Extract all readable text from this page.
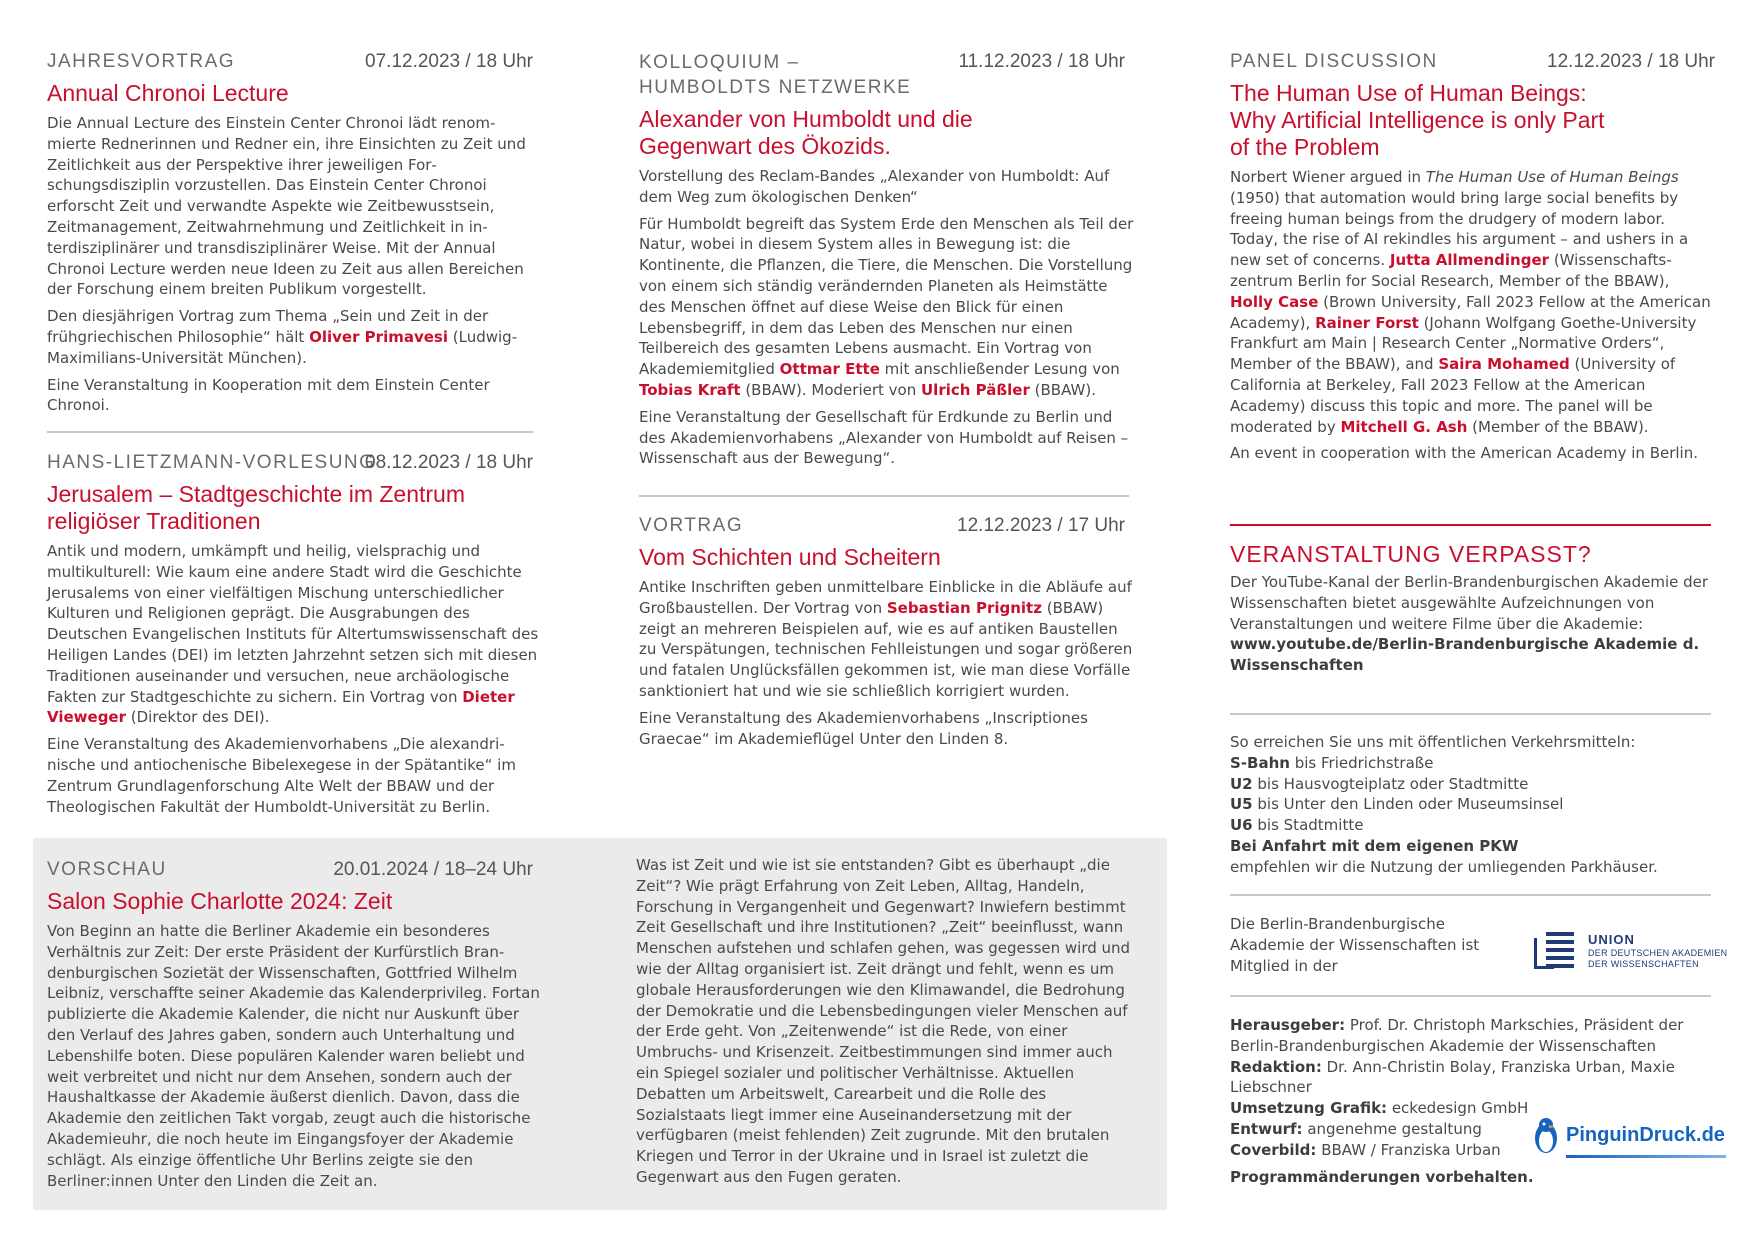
JAHRESVORTRAG	07.12.2023 / 18 Uhr
Annual Chronoi Lecture

Die Annual Lecture des Einstein Center Chronoi lädt renommierte Rednerinnen und Redner ein, ihre Einsichten zu Zeit und Zeitlichkeit aus der Perspektive ihrer jeweiligen Forschungsdisziplin vorzustellen. Das Einstein Center Chronoi erforscht Zeit und verwandte Aspekte wie Zeitbewusstsein, Zeitmanagement, Zeitwahrnehmung und Zeitlichkeit in interdisziplinärer und transdisziplinärer Weise. Mit der Annual Chronoi Lecture werden neue Ideen zu Zeit aus allen Bereichen der Forschung einem breiten Publikum vorgestellt.

Den diesjährigen Vortrag zum Thema „Sein und Zeit in der frühgriechischen Philosophie“ hält Oliver Primavesi (Ludwig-Maximilians-Universität München).

Eine Veranstaltung in Kooperation mit dem Einstein Center Chronoi.

HANS-LIETZMANN-VORLESUNG
08.12.2023 / 18 Uhr
Jerusalem – Stadtgeschichte im Zentrum religiöser Traditionen

Antik und modern, umkämpft und heilig, vielsprachig und multikulturell: Wie kaum eine andere Stadt wird die Geschichte Jerusalems von einer vielfältigen Mischung unterschiedlicher Kulturen und Religionen geprägt. Die Ausgrabungen des Deutschen Evangelischen Instituts für Altertumswissenschaft des Heiligen Landes (DEI) im letzten Jahrzehnt setzen sich mit diesen Traditionen auseinander und versuchen, neue archäologische Fakten zur Stadtgeschichte zu sichern. Ein Vortrag von Dieter Vieweger (Direktor des DEI).

Eine Veranstaltung des Akademienvorhabens „Die alexandrinische und antiochenische Bibelexegese in der Spätantike“ im Zentrum Grundlagenforschung Alte Welt der BBAW und der Theologischen Fakultät der Humboldt-Universität zu Berlin.

KOLLOQUIUM –
HUMBOLDTS NETZWERKE
11.12.2023 / 18 Uhr
Alexander von Humboldt und die Gegenwart des Ökozids.

Vorstellung des Reclam-Bandes „Alexander von Humboldt: Auf dem Weg zum ökologischen Denken“

Für Humboldt begreift das System Erde den Menschen als Teil der Natur, wobei in diesem System alles in Bewegung ist: die Kontinente, die Pflanzen, die Tiere, die Menschen. Die Vorstellung von einem sich ständig verändernden Planeten als Heimstätte des Menschen öffnet auf diese Weise den Blick für einen Lebensbegriff, in dem das Leben des Menschen nur einen Teilbereich des gesamten Lebens ausmacht. Ein Vortrag von Akademiemitglied Ottmar Ette mit anschließender Lesung von Tobias Kraft (BBAW). Moderiert von Ulrich Päßler (BBAW).

Eine Veranstaltung der Gesellschaft für Erdkunde zu Berlin und des Akademienvorhabens „Alexander von Humboldt auf Reisen – Wissenschaft aus der Bewegung“.

VORTRAG	12.12.2023 / 17 Uhr
Vom Schichten und Scheitern

Antike Inschriften geben unmittelbare Einblicke in die Abläufe auf Großbaustellen. Der Vortrag von Sebastian Prignitz (BBAW) zeigt an mehreren Beispielen auf, wie es auf antiken Baustellen zu Verspätungen, technischen Fehlleistungen und sogar größeren und fatalen Unglücksfällen gekommen ist, wie man diese Vorfälle sanktioniert hat und wie sie schließlich korrigiert wurden.

Eine Veranstaltung des Akademienvorhabens „Inscriptiones Graecae“ im Akademieflügel Unter den Linden 8.

VORSCHAU	20.01.2024 / 18–24 Uhr
Salon Sophie Charlotte 2024: Zeit

Von Beginn an hatte die Berliner Akademie ein besonderes Verhältnis zur Zeit: Der erste Präsident der Kurfürstlich Brandenburgischen Sozietät der Wissenschaften, Gottfried Wilhelm Leibniz, verschaffte seiner Akademie das Kalenderprivileg. Fortan publizierte die Akademie Kalender, die nicht nur Auskunft über den Verlauf des Jahres gaben, sondern auch Unterhaltung und Lebenshilfe boten. Diese populären Kalender waren beliebt und weit verbreitet und nicht nur dem Ansehen, sondern auch der Haushaltkasse der Akademie äußerst dienlich. Davon, dass die Akademie den zeitlichen Takt vorgab, zeugt auch die historische Akademieuhr, die noch heute im Eingangsfoyer der Akademie schlägt. Als einzige öffentliche Uhr Berlins zeigte sie den Berliner:innen Unter den Linden die Zeit an.

Was ist Zeit und wie ist sie entstanden? Gibt es überhaupt „die Zeit“? Wie prägt Erfahrung von Zeit Leben, Alltag, Handeln, Forschung in Vergangenheit und Gegenwart? Inwiefern bestimmt Zeit Gesellschaft und ihre Institutionen? „Zeit“ beeinflusst, wann Menschen aufstehen und schlafen gehen, was gegessen wird und wie der Alltag organisiert ist. Zeit drängt und fehlt, wenn es um globale Herausforderungen wie den Klimawandel, die Bedrohung der Demokratie und die Lebensbedingungen vieler Menschen auf der Erde geht. Von „Zeitenwende“ ist die Rede, von einer Umbruchs- und Krisenzeit. Zeitbestimmungen sind immer auch ein Spiegel sozialer und politischer Verhältnisse. Aktuellen Debatten um Arbeitswelt, Carearbeit und die Rolle des Sozialstaats liegt immer eine Auseinandersetzung mit der verfügbaren (meist fehlenden) Zeit zugrunde. Mit den brutalen Kriegen und Terror in der Ukraine und in Israel ist zuletzt die Gegenwart aus den Fugen geraten.

PANEL DISCUSSION	12.12.2023 / 18 Uhr
The Human Use of Human Beings: Why Artificial Intelligence is only Part of the Problem

Norbert Wiener argued in The Human Use of Human Beings (1950) that automation would bring large social benefits by freeing human beings from the drudgery of modern labor. Today, the rise of AI rekindles his argument – and ushers in a new set of concerns. Jutta Allmendinger (Wissenschaftszentrum Berlin for Social Research, Member of the BBAW), Holly Case (Brown University, Fall 2023 Fellow at the American Academy), Rainer Forst (Johann Wolfgang Goethe-University Frankfurt am Main | Research Center „Normative Orders“, Member of the BBAW), and Saira Mohamed (University of California at Berkeley, Fall 2023 Fellow at the American Academy) discuss this topic and more. The panel will be moderated by Mitchell G. Ash (Member of the BBAW).

An event in cooperation with the American Academy in Berlin.

VERANSTALTUNG VERPASST?

Der YouTube-Kanal der Berlin-Brandenburgischen Akademie der Wissenschaften bietet ausgewählte Aufzeichnungen von Veranstaltungen und weitere Filme über die Akademie:

www.youtube.de/Berlin-Brandenburgische Akademie d. Wissenschaften

So erreichen Sie uns mit öffentlichen Verkehrsmitteln:

S-Bahn bis Friedrichstraße

U2 bis Hausvogteiplatz oder Stadtmitte

U5 bis Unter den Linden oder Museumsinsel

U6 bis Stadtmitte

Bei Anfahrt mit dem eigenen PKW

empfehlen wir die Nutzung der umliegenden Parkhäuser.

Die Berlin-Brandenburgische Akademie der Wissenschaften ist Mitglied in der

UNION
DER DEUTSCHEN AKADEMIEN
DER WISSENSCHAFTEN

Herausgeber: Prof. Dr. Christoph Markschies, Präsident der Berlin-Brandenburgischen Akademie der Wissenschaften

Redaktion: Dr. Ann-Christin Bolay, Franziska Urban, Maxie Liebschner

Umsetzung Grafik: eckedesign GmbH

Entwurf: angenehme gestaltung

Coverbild: BBAW / Franziska Urban

Programmänderungen vorbehalten.

PinguinDruck.de
